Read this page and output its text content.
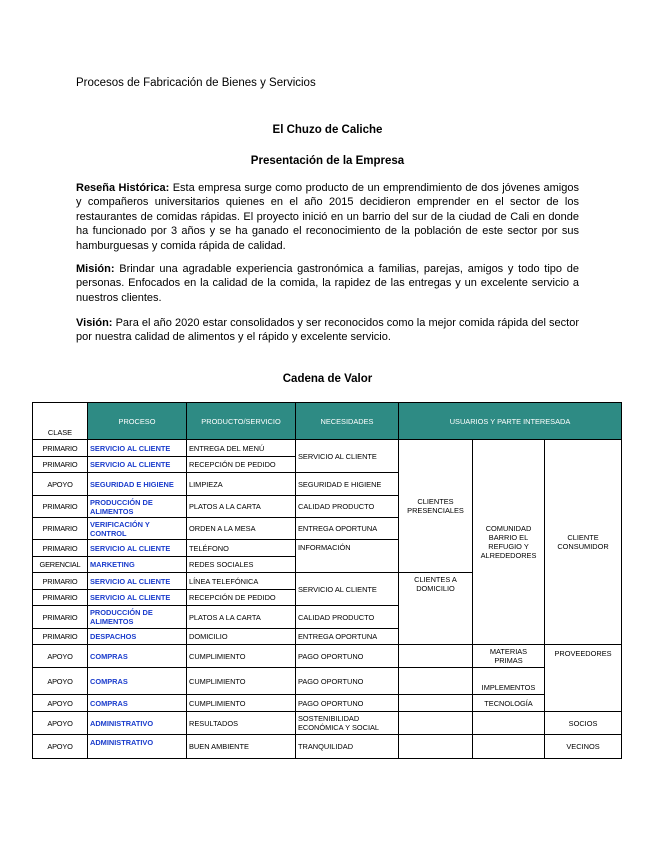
Procesos de Fabricación de Bienes y Servicios
El Chuzo de Caliche
Presentación de la Empresa
Reseña Histórica: Esta empresa surge como producto de un emprendimiento de dos jóvenes amigos y compañeros universitarios quienes en el año 2015 decidieron emprender en el sector de los restaurantes de comidas rápidas. El proyecto inició en un barrio del sur de la ciudad de Cali en donde ha funcionado por 3 años y se ha ganado el reconocimiento de la población de este sector por sus hamburguesas y comida rápida de calidad.
Misión: Brindar una agradable experiencia gastronómica a familias, parejas, amigos y todo tipo de personas. Enfocados en la calidad de la comida, la rapidez de las entregas y un excelente servicio a nuestros clientes.
Visión: Para el año 2020 estar consolidados y ser reconocidos como la mejor comida rápida del sector por nuestra calidad de alimentos y el rápido y excelente servicio.
Cadena de Valor
CLASE	PROCESO	PRODUCTO/SERVICIO	NECESIDADES	USUARIOS Y PARTE INTERESADA		
PRIMARIO	SERVICIO AL CLIENTE	ENTREGA DEL MENÚ	SERVICIO AL CLIENTE	CLIENTES PRESENCIALES	COMUNIDAD BARRIO EL REFUGIO Y ALREDEDORES	CLIENTE CONSUMIDOR
PRIMARIO	SERVICIO AL CLIENTE	RECEPCIÓN DE PEDIDO				
APOYO	SEGURIDAD E HIGIENE	LIMPIEZA	SEGURIDAD E HIGIENE			
PRIMARIO	PRODUCCIÓN DE ALIMENTOS	PLATOS A LA CARTA	CALIDAD PRODUCTO			
PRIMARIO	VERIFICACIÓN Y CONTROL	ORDEN A LA MESA	ENTREGA OPORTUNA			
PRIMARIO	SERVICIO AL CLIENTE	TELÉFONO	INFORMACIÓN			
GERENCIAL	MARKETING	REDES SOCIALES				
PRIMARIO	SERVICIO AL CLIENTE	LÍNEA TELEFÓNICA	SERVICIO AL CLIENTE	CLIENTES A DOMICILIO		
PRIMARIO	SERVICIO AL CLIENTE	RECEPCIÓN DE PEDIDO				
PRIMARIO	PRODUCCIÓN DE ALIMENTOS	PLATOS A LA CARTA	CALIDAD PRODUCTO			
PRIMARIO	DESPACHOS	DOMICILIO	ENTREGA OPORTUNA			
APOYO	COMPRAS	CUMPLIMIENTO	PAGO OPORTUNO		MATERIAS PRIMAS	PROVEEDORES
APOYO	COMPRAS	CUMPLIMIENTO	PAGO OPORTUNO		IMPLEMENTOS	
APOYO	COMPRAS	CUMPLIMIENTO	PAGO OPORTUNO		TECNOLOGÍA	
APOYO	ADMINISTRATIVO	RESULTADOS	SOSTENIBILIDAD ECONÓMICA Y SOCIAL			SOCIOS
APOYO	ADMINISTRATIVO	BUEN AMBIENTE	TRANQUILIDAD			VECINOS
